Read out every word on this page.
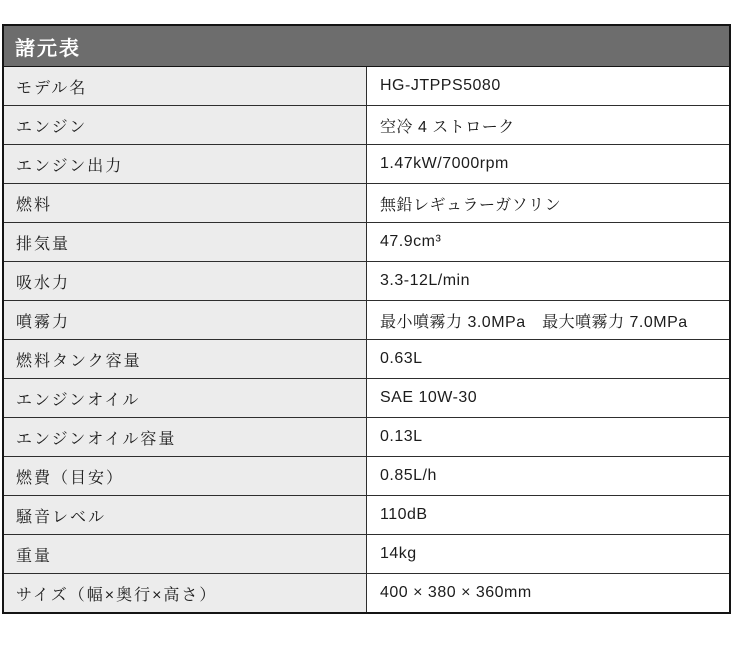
諸元表	
モデル名	HG-JTPPS5080
エンジン	空冷 4 ストローク
エンジン出力	1.47kW/7000rpm
燃料	無鉛レギュラーガソリン
排気量	47.9cm³
吸水力	3.3-12L/min
噴霧力	最小噴霧力 3.0MPa　最大噴霧力 7.0MPa
燃料タンク容量	0.63L
エンジンオイル	SAE 10W-30
エンジンオイル容量	0.13L
燃費（目安）	0.85L/h
騒音レベル	110dB
重量	14kg
サイズ（幅×奥行×高さ）	400 × 380 × 360mm
